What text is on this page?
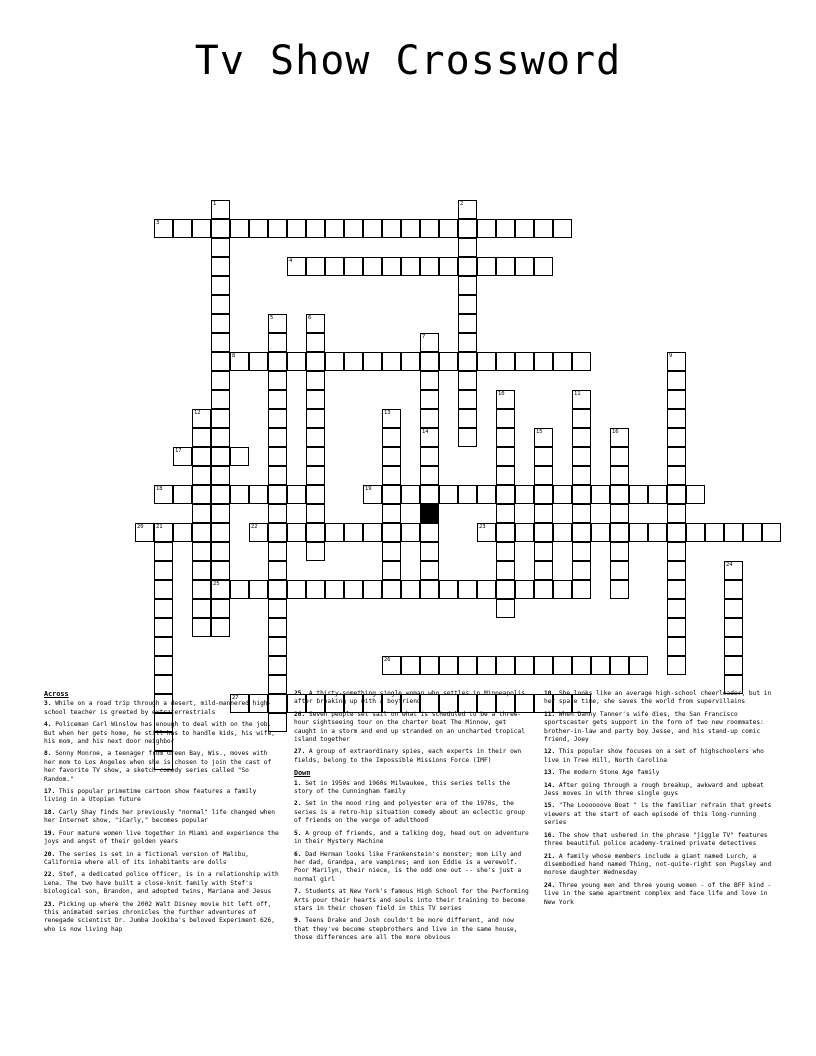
Tv Show Crossword
3
4
8
17
18	19
20 21	22	23
25
26
27
1	2
5	6
7
14
9
10	11
12	13
15	16
24
Across
3. While on a road trip through a desert, mild-mannered high-school teacher is greeted by extraterrestrials
4. Policeman Carl Winslow has enough to deal with on the job. But when her gets home, he still has to handle kids, his wife, his mom, and his next door neighbor
8. Sonny Monroe, a teenager from Green Bay, Wis., moves with her mom to Los Angeles when she is chosen to join the cast of her favorite TV show, a sketch comedy series called "So Random."
17. This popular primetime cartoon show features a family living in a Utopian future
18. Carly Shay finds her previously "normal" life changed when her Internet show, "iCarly," becomes popular
19. Four mature women live together in Miami and experience the joys and angst of their golden years
20. The series is set in a fictional version of Malibu, California where all of its inhabitants are dolls
22. Stef, a dedicated police officer, is in a relationship with Lena. The two have built a close-knit family with Stef's biological son, Brandon, and adopted twins, Mariana and Jesus
23. Picking up where the 2002 Walt Disney movie hit left off, this animated series chronicles the further adventures of renegade scientist Dr. Jumba Jookiba's beloved Experiment 626, who is now living hap
25. A thirty-something single woman who settles in Minneapolis after breaking up with a boyfriend
26. Seven people set sail on what is scheduled to be a three-hour sightseeing tour on the charter boat The Minnow, get caught in a storm and end up stranded on an uncharted tropical island together
27. A group of extraordinary spies, each experts in their own fields, belong to the Impossible Missions Force (IMF)
Down
1. Set in 1950s and 1960s Milwaukee, this series tells the story of the Cunningham family
2. Set in the mood ring and polyester era of the 1970s, the series is a retro-hip situation comedy about an eclectic group of friends on the verge of adulthood
5. A group of friends, and a talking dog, head out on adventure in their Mystery Machine
6. Dad Herman looks like Frankenstein's monster; mom Lily and her dad, Grandpa, are vampires; and son Eddie is a werewolf. Poor Marilyn, their niece, is the odd one out -- she's just a normal girl
7. Students at New York's famous High School for the Performing Arts pour their hearts and souls into their training to become stars in their chosen field in this TV series
9. Teens Drake and Josh couldn't be more different, and now that they've become stepbrothers and live in the same house, those differences are all the more obvious
10. She looks like an average high-school cheerleader, but in her spare time, she saves the world from supervillains
11. When Danny Tanner's wife dies, the San Francisco sportscaster gets support in the form of two new roommates: brother-in-law and party boy Jesse, and his stand-up comic friend, Joey
12. This popular show focuses on a set of highschoolers who live in Tree Hill, North Carolina
13. The modern Stone Age family
14. After going through a rough breakup, awkward and upbeat Jess moves in with three single guys
15. "The Loooooove Boat " is the familiar refrain that greets viewers at the start of each episode of this long-running series
16. The show that ushered in the phrase "jiggle TV" features three beautiful police academy-trained private detectives
21. A family whose members include a giant named Lurch, a disembodied hand named Thing, not-quite-right son Pugsley and morose daughter Wednesday
24. Three young men and three young women - of the BFF kind - live in the same apartment complex and face life and love in New York
